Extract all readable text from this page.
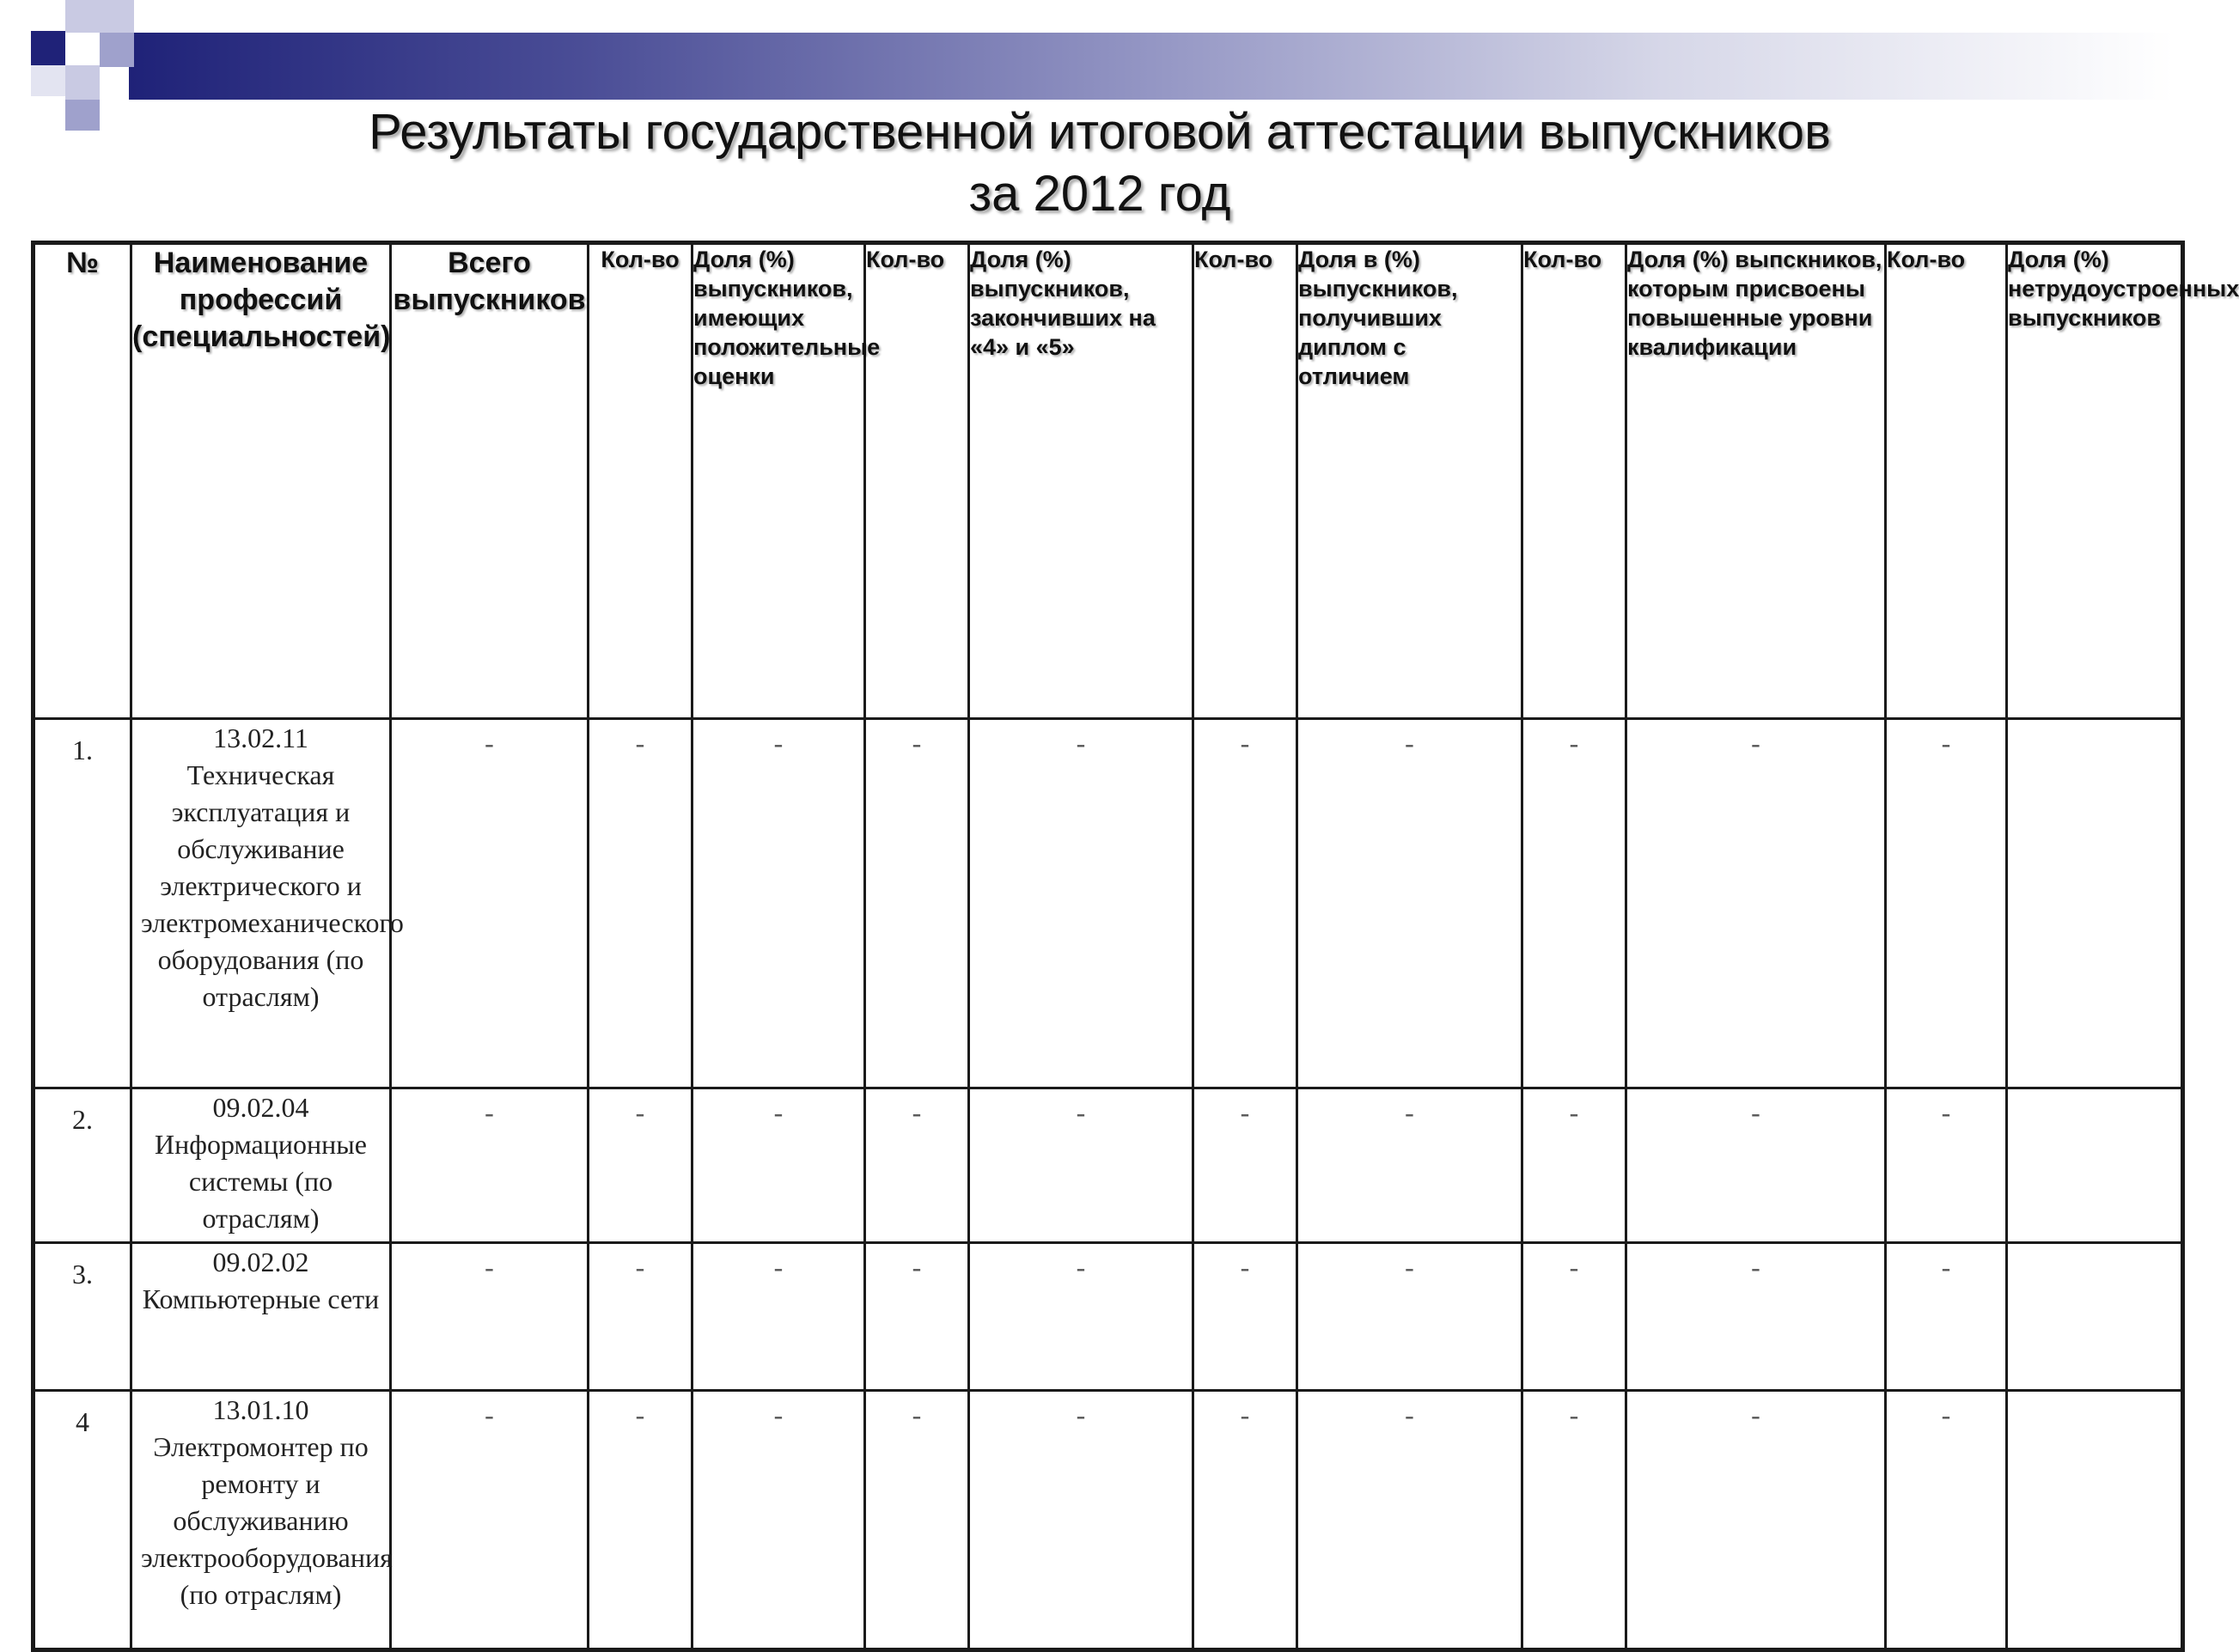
Результаты государственной итоговой аттестации выпускников
за 2012 год
№	Наименование профессий (специальностей)	Всего выпускников	Кол-во	Доля (%) выпускников, имеющих положительные оценки	Кол-во	Доля (%) выпускников, закончивших на «4» и «5»	Кол-во	Доля в (%) выпускников, получивших диплом с отличием	Кол-во	Доля (%) выпскников, которым присвоены повышенные уровни квалификации	Кол-во	Доля (%) нетрудоустроенных выпускников
1.	13.02.11 Техническая эксплуатация и обслуживание электрического и электромеханического оборудования (по отраслям)	-	-	-	-	-	-	-	-	-	-	
2.	09.02.04 Информационные системы (по отраслям)	-	-	-	-	-	-	-	-	-	-	
3.	09.02.02 Компьютерные сети	-	-	-	-	-	-	-	-	-	-	
4	13.01.10 Электромонтер по ремонту и обслуживанию электрооборудования (по отраслям)	-	-	-	-	-	-	-	-	-	-	
